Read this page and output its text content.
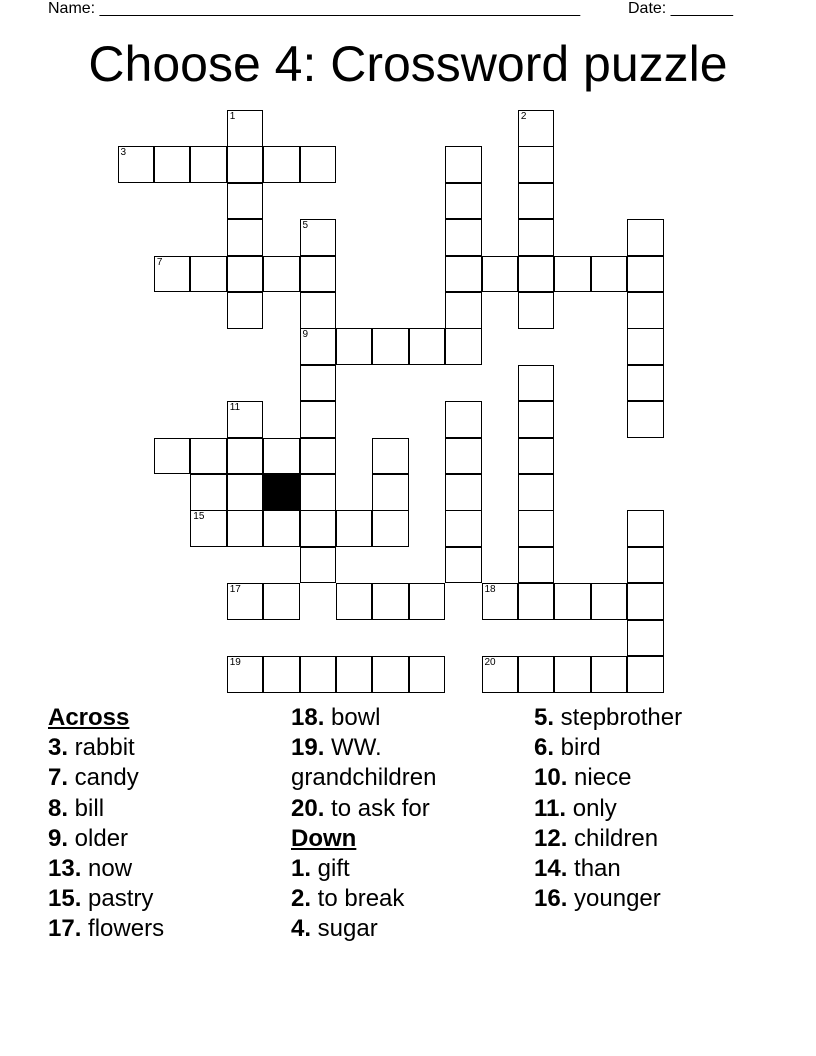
Name: ______________________________________________________	Date: _______
Choose 4: Crossword puzzle
1
3
2
5
9
7
11
15
17	18
19	20
Across
3. rabbit
7. candy
8. bill
9. older
13. now
15. pastry
17. flowers
18. bowl
19. WW.
grandchildren
20. to ask for
Down
1. gift
2. to break
4. sugar
5. stepbrother
6. bird
10. niece
11. only
12. children
14. than
16. younger
